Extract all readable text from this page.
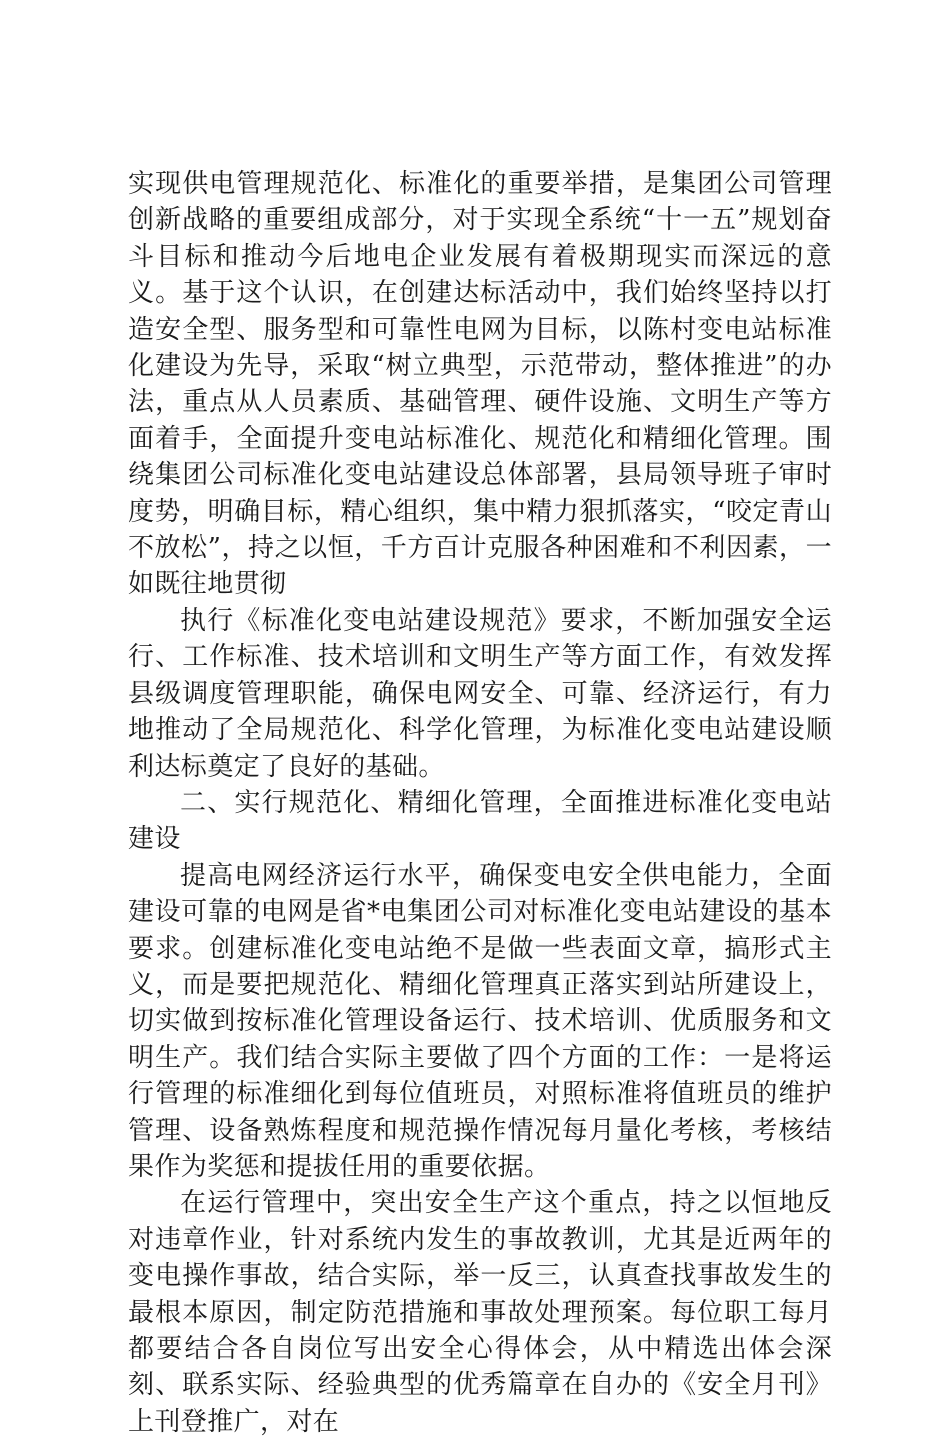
实现供电管理规范化、标准化的重要举措，是集团公司管理创新战略的重要组成部分，对于实现全系统“十一五”规划奋斗目标和推动今后地电企业发展有着极期现实而深远的意义。基于这个认识，在创建达标活动中，我们始终坚持以打造安全型、服务型和可靠性电网为目标，以陈村变电站标准化建设为先导，采取“树立典型，示范带动，整体推进”的办法，重点从人员素质、基础管理、硬件设施、文明生产等方面着手，全面提升变电站标准化、规范化和精细化管理。围绕集团公司标准化变电站建设总体部署，县局领导班子审时度势，明确目标，精心组织，集中精力狠抓落实，“咬定青山不放松”，持之以恒，千方百计克服各种困难和不利因素，一如既往地贯彻

执行《标准化变电站建设规范》要求，不断加强安全运行、工作标准、技术培训和文明生产等方面工作，有效发挥县级调度管理职能，确保电网安全、可靠、经济运行，有力地推动了全局规范化、科学化管理，为标准化变电站建设顺利达标奠定了良好的基础。

二、实行规范化、精细化管理，全面推进标准化变电站建设

提高电网经济运行水平，确保变电安全供电能力，全面建设可靠的电网是省*电集团公司对标准化变电站建设的基本要求。创建标准化变电站绝不是做一些表面文章，搞形式主义，而是要把规范化、精细化管理真正落实到站所建设上，切实做到按标准化管理设备运行、技术培训、优质服务和文明生产。我们结合实际主要做了四个方面的工作：一是将运行管理的标准细化到每位值班员，对照标准将值班员的维护管理、设备熟炼程度和规范操作情况每月量化考核，考核结果作为奖惩和提拔任用的重要依据。

在运行管理中，突出安全生产这个重点，持之以恒地反对违章作业，针对系统内发生的事故教训，尤其是近两年的变电操作事故，结合实际，举一反三，认真查找事故发生的最根本原因，制定防范措施和事故处理预案。每位职工每月都要结合各自岗位写出安全心得体会，从中精选出体会深刻、联系实际、经验典型的优秀篇章在自办的《安全月刊》上刊登推广，对在
